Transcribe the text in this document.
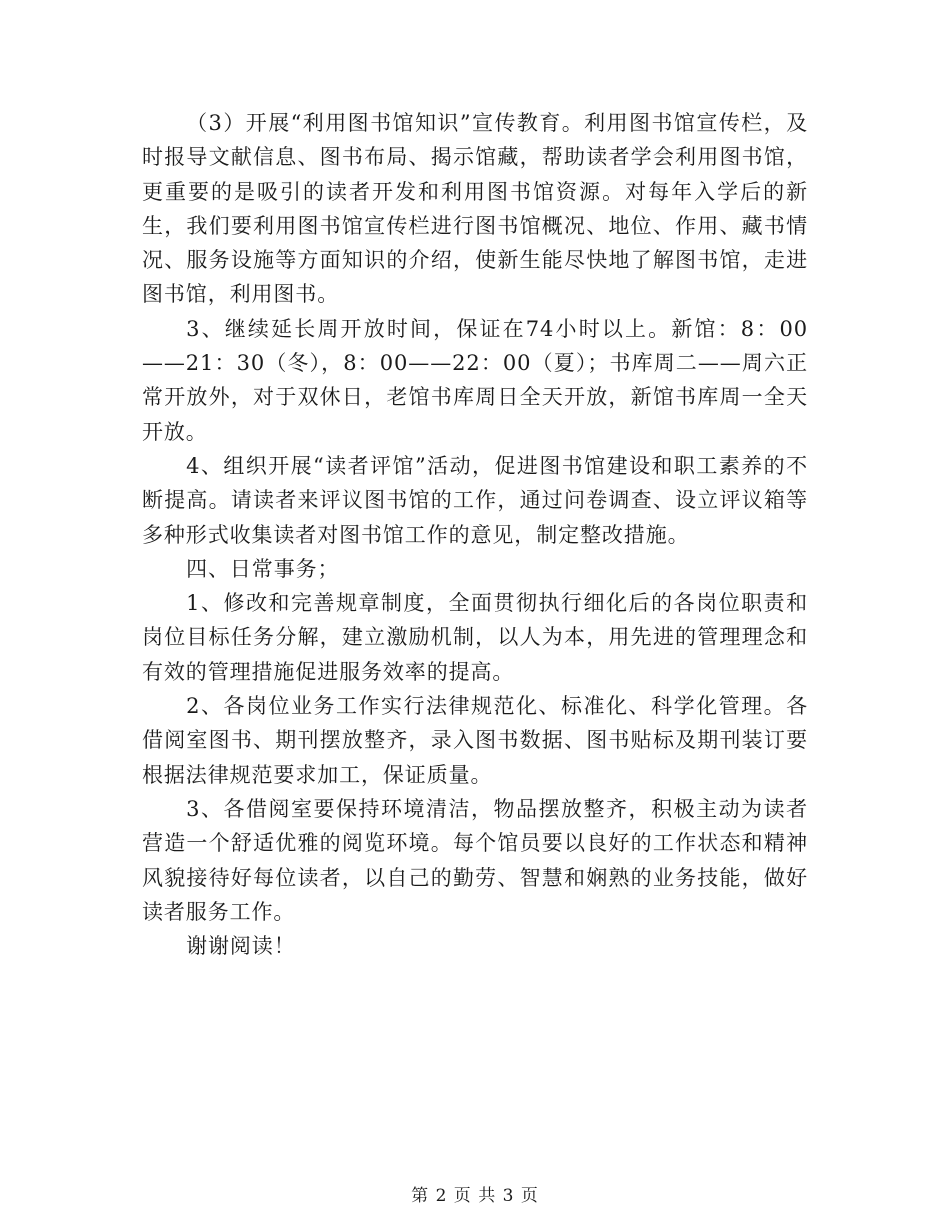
（3）开展“利用图书馆知识”宣传教育。利用图书馆宣传栏，及时报导文献信息、图书布局、揭示馆藏，帮助读者学会利用图书馆，更重要的是吸引的读者开发和利用图书馆资源。对每年入学后的新生，我们要利用图书馆宣传栏进行图书馆概况、地位、作用、藏书情况、服务设施等方面知识的介绍，使新生能尽快地了解图书馆，走进图书馆，利用图书。

3、继续延长周开放时间，保证在74小时以上。新馆：8：00——21：30（冬），8：00——22：00（夏）；书库周二——周六正常开放外，对于双休日，老馆书库周日全天开放，新馆书库周一全天开放。

4、组织开展“读者评馆”活动，促进图书馆建设和职工素养的不断提高。请读者来评议图书馆的工作，通过问卷调查、设立评议箱等多种形式收集读者对图书馆工作的意见，制定整改措施。

四、日常事务；

1、修改和完善规章制度，全面贯彻执行细化后的各岗位职责和岗位目标任务分解，建立激励机制，以人为本，用先进的管理理念和有效的管理措施促进服务效率的提高。

2、各岗位业务工作实行法律规范化、标准化、科学化管理。各借阅室图书、期刊摆放整齐，录入图书数据、图书贴标及期刊装订要根据法律规范要求加工，保证质量。

3、各借阅室要保持环境清洁，物品摆放整齐，积极主动为读者营造一个舒适优雅的阅览环境。每个馆员要以良好的工作状态和精神风貌接待好每位读者，以自己的勤劳、智慧和娴熟的业务技能，做好读者服务工作。

谢谢阅读！

第 2 页 共 3 页
